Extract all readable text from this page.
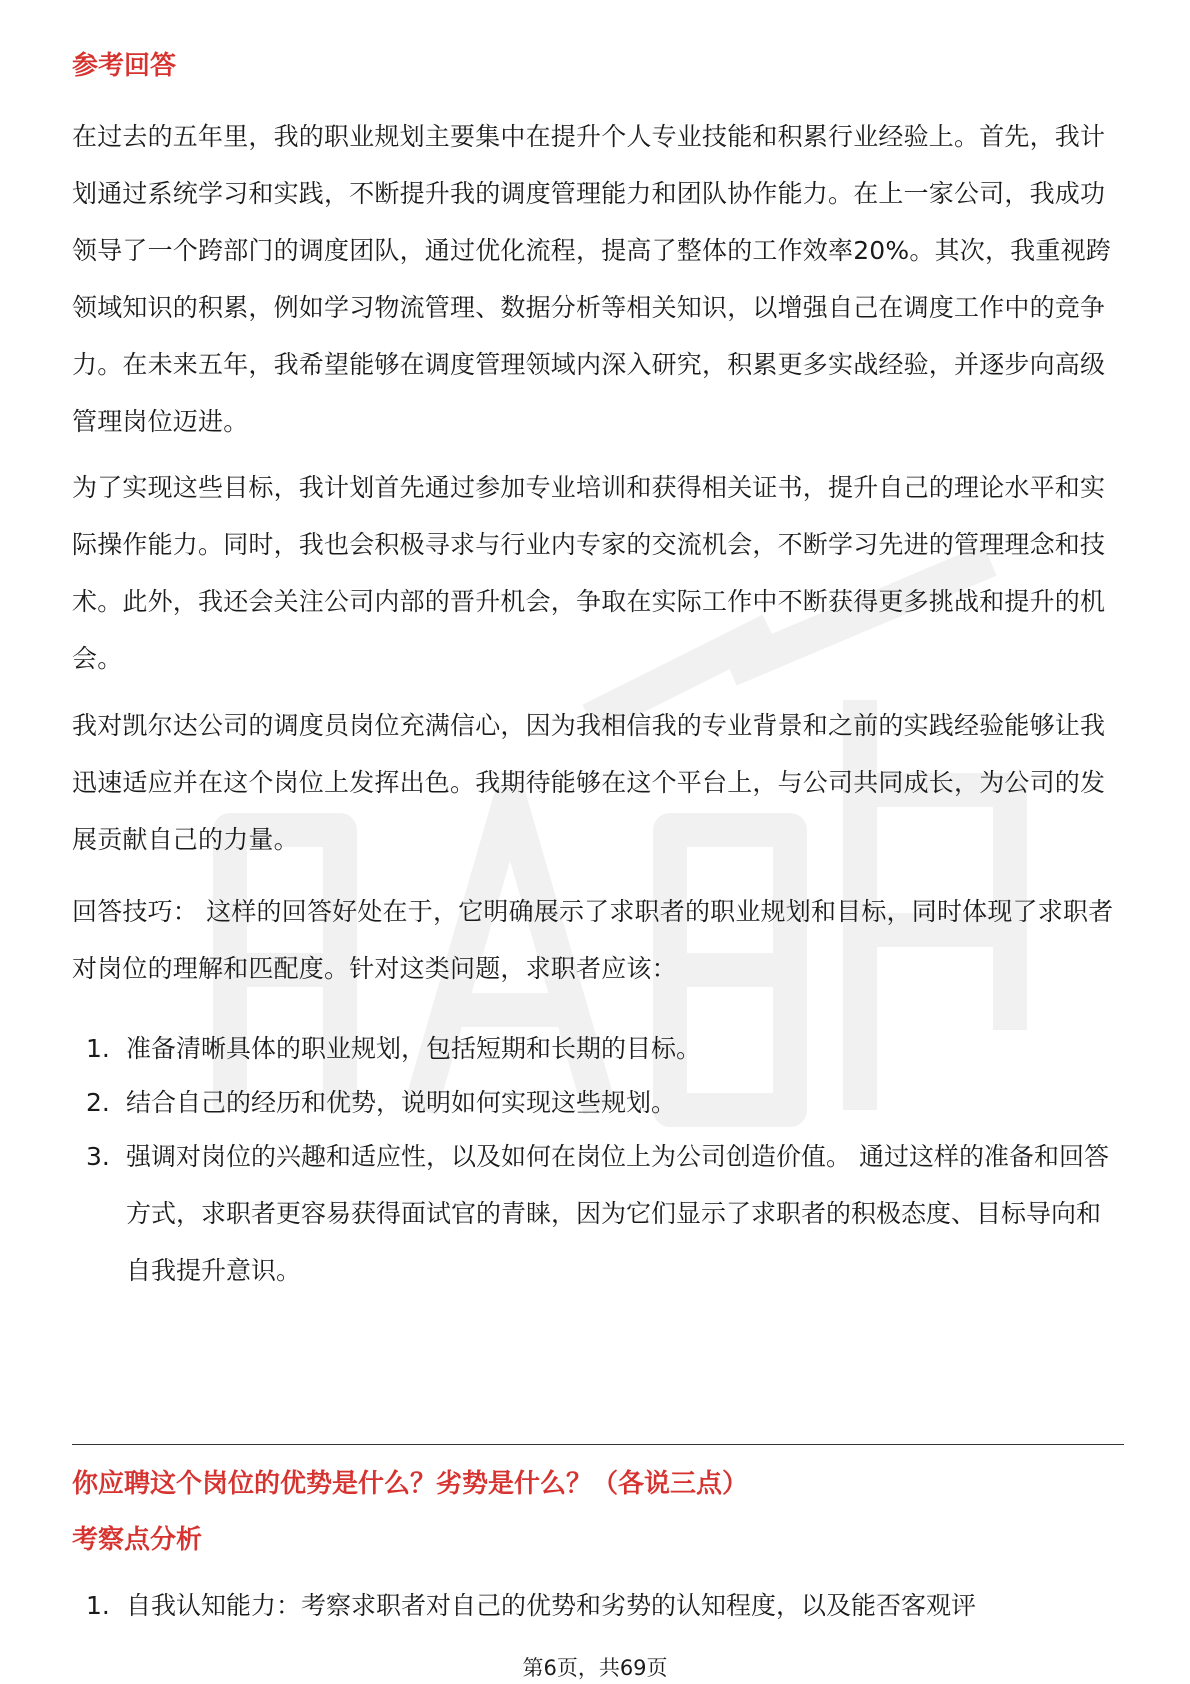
参考回答
在过去的五年里，我的职业规划主要集中在提升个人专业技能和积累行业经验上。首先，我计划通过系统学习和实践，不断提升我的调度管理能力和团队协作能力。在上一家公司，我成功领导了一个跨部门的调度团队，通过优化流程，提高了整体的工作效率20%。其次，我重视跨领域知识的积累，例如学习物流管理、数据分析等相关知识，以增强自己在调度工作中的竞争力。在未来五年，我希望能够在调度管理领域内深入研究，积累更多实战经验，并逐步向高级管理岗位迈进。
为了实现这些目标，我计划首先通过参加专业培训和获得相关证书，提升自己的理论水平和实际操作能力。同时，我也会积极寻求与行业内专家的交流机会，不断学习先进的管理理念和技术。此外，我还会关注公司内部的晋升机会，争取在实际工作中不断获得更多挑战和提升的机会。
我对凯尔达公司的调度员岗位充满信心，因为我相信我的专业背景和之前的实践经验能够让我迅速适应并在这个岗位上发挥出色。我期待能够在这个平台上，与公司共同成长，为公司的发展贡献自己的力量。
回答技巧： 这样的回答好处在于，它明确展示了求职者的职业规划和目标，同时体现了求职者对岗位的理解和匹配度。针对这类问题，求职者应该：
1. 准备清晰具体的职业规划，包括短期和长期的目标。
2. 结合自己的经历和优势，说明如何实现这些规划。
3. 强调对岗位的兴趣和适应性，以及如何在岗位上为公司创造价值。 通过这样的准备和回答方式，求职者更容易获得面试官的青睐，因为它们显示了求职者的积极态度、目标导向和自我提升意识。
你应聘这个岗位的优势是什么？劣势是什么？（各说三点）
考察点分析
1. 自我认知能力：考察求职者对自己的优势和劣势的认知程度，以及能否客观评
第6页，共69页
